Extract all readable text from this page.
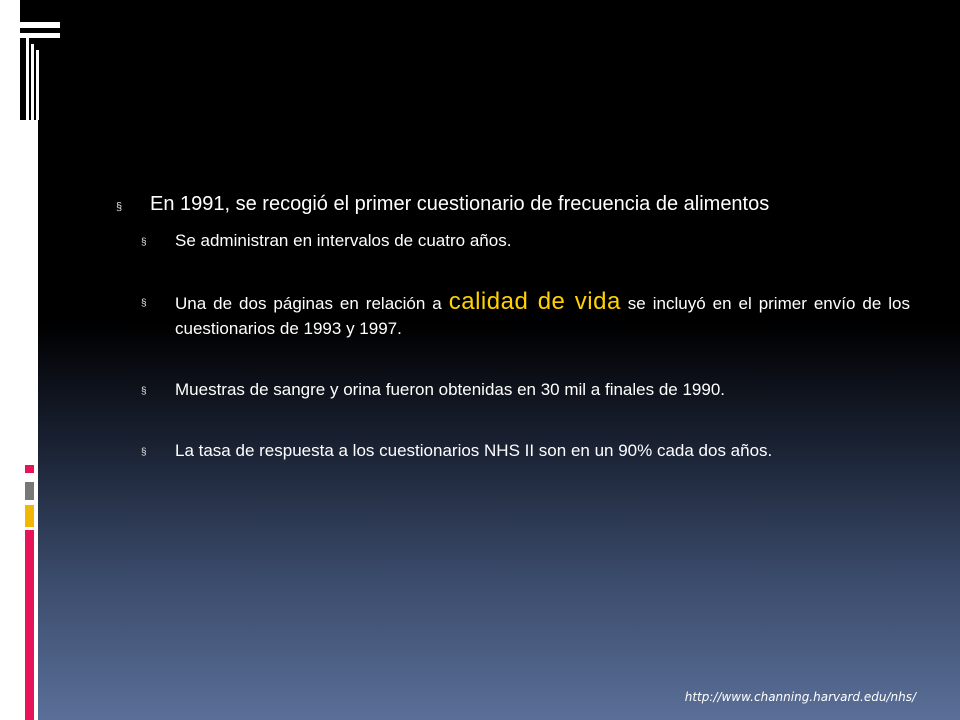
§ En 1991, se recogió el primer cuestionario de frecuencia de alimentos
§ Se administran en intervalos de cuatro años.
§ Una de dos páginas en relación a calidad de vida se incluyó en el primer envío de los cuestionarios de 1993 y 1997.
§ Muestras de sangre y orina fueron obtenidas en 30 mil a finales de 1990.
§ La tasa de respuesta a los cuestionarios NHS II son en un 90% cada dos años.
http://www.channing.harvard.edu/nhs/
